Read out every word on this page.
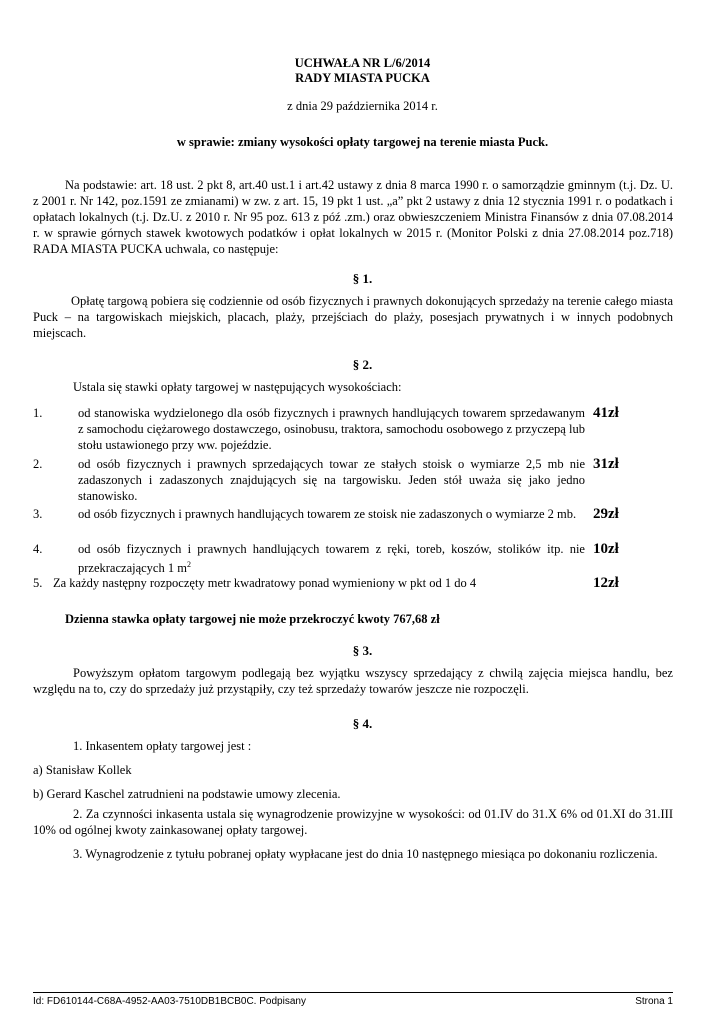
UCHWAŁA NR L/6/2014
RADY MIASTA PUCKA
z dnia 29 października 2014 r.
w sprawie: zmiany wysokości opłaty targowej na terenie miasta Puck.
Na podstawie: art. 18 ust. 2 pkt 8, art.40 ust.1 i art.42 ustawy z dnia 8 marca 1990 r. o samorządzie gminnym (t.j. Dz. U. z 2001 r. Nr 142, poz.1591 ze zmianami) w zw. z art. 15, 19 pkt 1 ust. „a” pkt 2 ustawy z dnia 12 stycznia 1991 r. o podatkach i opłatach lokalnych (t.j. Dz.U. z 2010 r. Nr 95 poz. 613 z póź .zm.) oraz obwieszczeniem Ministra Finansów z dnia 07.08.2014 r. w sprawie górnych stawek kwotowych podatków i opłat lokalnych w 2015 r. (Monitor Polski z dnia 27.08.2014 poz.718) RADA MIASTA PUCKA uchwala, co następuje:
§ 1.
Opłatę targową pobiera się codziennie od osób fizycznych i prawnych dokonujących sprzedaży na terenie całego miasta Puck – na targowiskach miejskich, placach, plaży, przejściach do plaży, posesjach prywatnych i w innych podobnych miejscach.
§ 2.
Ustala się stawki opłaty targowej w następujących wysokościach:
1.	od stanowiska wydzielonego dla osób fizycznych i prawnych handlujących towarem sprzedawanym z samochodu ciężarowego dostawczego, osinobusu, traktora, samochodu osobowego z przyczepą lub stołu ustawionego przy ww. pojeździe.
41zł
2.	od osób fizycznych i prawnych sprzedających towar ze stałych stoisk o wymiarze 2,5 mb nie zadaszonych i zadaszonych znajdujących się na targowisku. Jeden stół uważa się jako jedno stanowisko.
31zł
3.	od osób fizycznych i prawnych handlujących towarem ze stoisk nie zadaszonych o wymiarze 2 mb.	29zł
4.	od osób fizycznych i prawnych handlujących towarem z ręki, toreb, koszów, stolików itp. nie przekraczających 1 $m^2$
10zł
5. Za każdy następny rozpoczęty metr kwadratowy ponad wymieniony w pkt od 1 do 4	12zł
Dzienna stawka opłaty targowej nie może przekroczyć kwoty 767,68 zł
§ 3.
Powyższym opłatom targowym podlegają bez wyjątku wszyscy sprzedający z chwilą zajęcia miejsca handlu, bez względu na to, czy do sprzedaży już przystąpiły, czy też sprzedaży towarów jeszcze nie rozpoczęli.
§ 4.
1. Inkasentem opłaty targowej jest :
a) Stanisław Kollek
b) Gerard Kaschel zatrudnieni na podstawie umowy zlecenia.
2. Za czynności inkasenta ustala się wynagrodzenie prowizyjne w wysokości: od 01.IV do 31.X 6% od 01.XI do 31.III 10% od ogólnej kwoty zainkasowanej opłaty targowej.
3. Wynagrodzenie z tytułu pobranej opłaty wypłacane jest do dnia 10 następnego miesiąca po dokonaniu rozliczenia.
Id: FD610144-C68A-4952-AA03-7510DB1BCB0C. Podpisany	Strona 1
